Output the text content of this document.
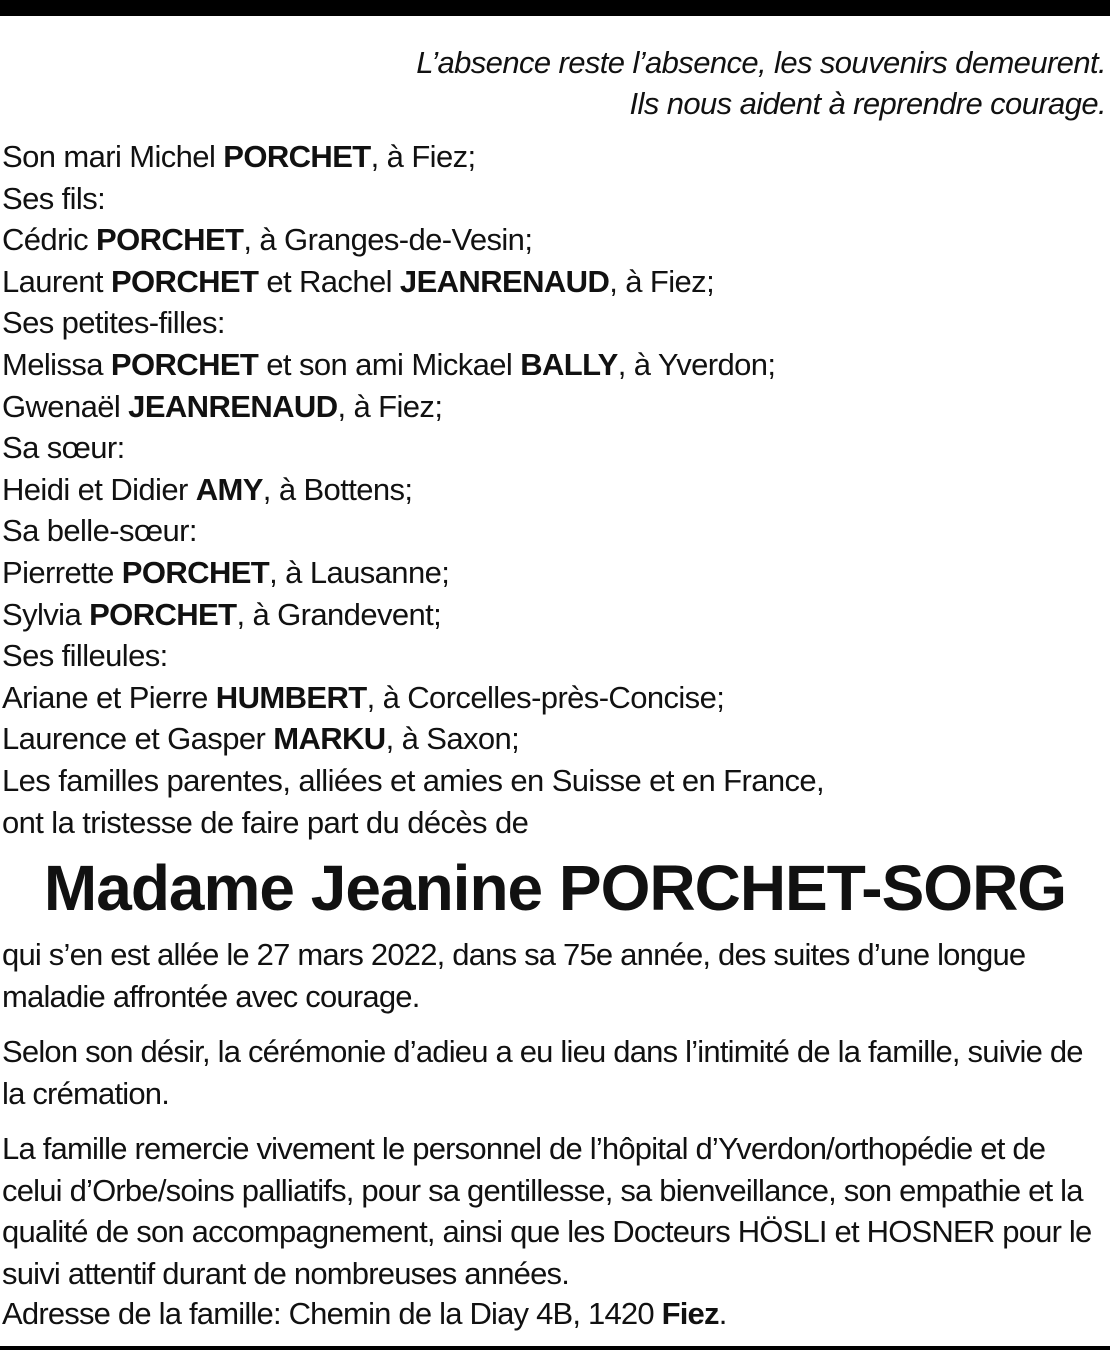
L’absence reste l’absence, les souvenirs demeurent.
Ils nous aident à reprendre courage.
Son mari Michel PORCHET, à Fiez;
Ses fils:
Cédric PORCHET, à Granges-de-Vesin;
Laurent PORCHET et Rachel JEANRENAUD, à Fiez;
Ses petites-filles:
Melissa PORCHET et son ami Mickael BALLY, à Yverdon;
Gwenaël JEANRENAUD, à Fiez;
Sa sœur:
Heidi et Didier AMY, à Bottens;
Sa belle-sœur:
Pierrette PORCHET, à Lausanne;
Sylvia PORCHET, à Grandevent;
Ses filleules:
Ariane et Pierre HUMBERT, à Corcelles-près-Concise;
Laurence et Gasper MARKU, à Saxon;
Les familles parentes, alliées et amies en Suisse et en France,
ont la tristesse de faire part du décès de
Madame Jeanine PORCHET-SORG

qui s’en est allée le 27 mars 2022, dans sa 75e année, des suites d’une longue maladie affrontée avec courage.

Selon son désir, la cérémonie d’adieu a eu lieu dans l’intimité de la famille, suivie de la crémation.

La famille remercie vivement le personnel de l’hôpital d’Yverdon/orthopédie et de celui d’Orbe/soins palliatifs, pour sa gentillesse, sa bienveillance, son empathie et la qualité de son accompagnement, ainsi que les Docteurs HÖSLI et HOSNER pour le suivi attentif durant de nombreuses années.

Adresse de la famille: Chemin de la Diay 4B, 1420 Fiez.
